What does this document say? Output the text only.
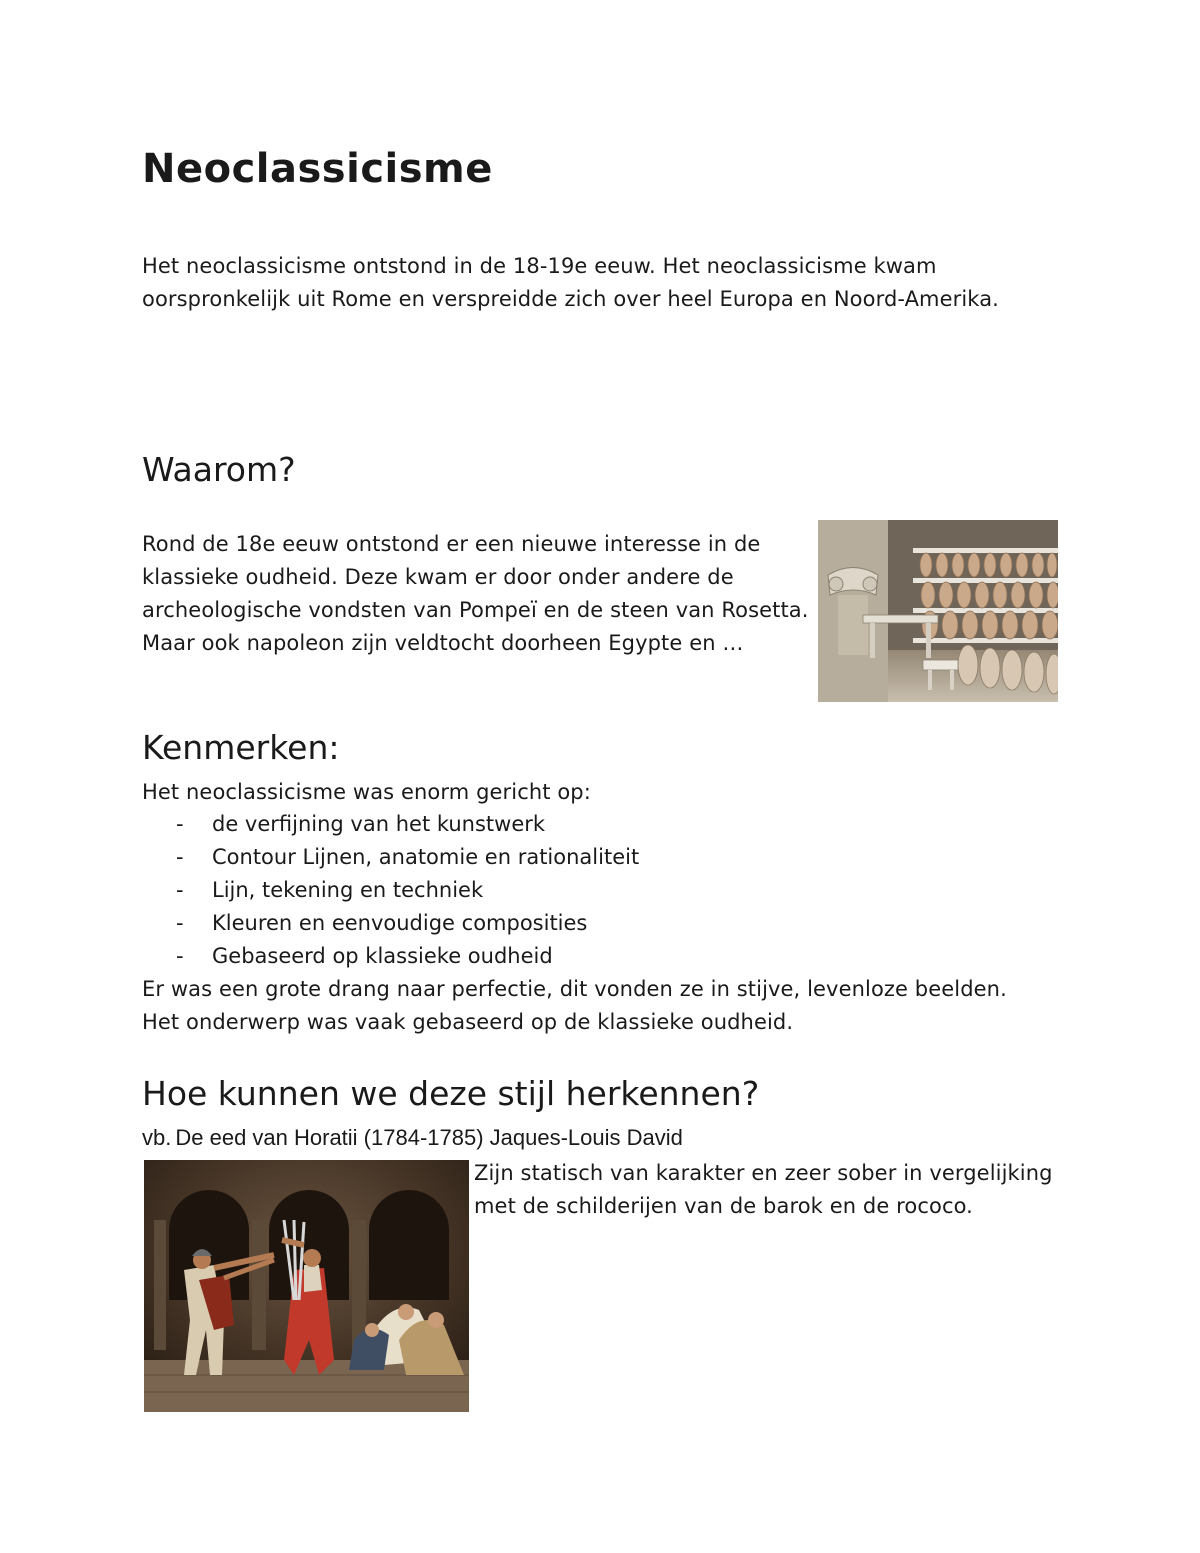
Neoclassicisme

Het neoclassicisme ontstond in de 18-19e eeuw. Het neoclassicisme kwam oorspronkelijk uit Rome en verspreidde zich over heel Europa en Noord-Amerika.

Waarom?

Rond de 18e eeuw ontstond er een nieuwe interesse in de klassieke oudheid. Deze kwam er door onder andere de archeologische vondsten van Pompeï en de steen van Rosetta. Maar ook napoleon zijn veldtocht doorheen Egypte en …

Kenmerken:

Het neoclassicisme was enorm gericht op:

- de verfijning van het kunstwerk
- Contour Lijnen, anatomie en rationaliteit
- Lijn, tekening en techniek
- Kleuren en eenvoudige composities
- Gebaseerd op klassieke oudheid

Er was een grote drang naar perfectie, dit vonden ze in stijve, levenloze beelden. Het onderwerp was vaak gebaseerd op de klassieke oudheid.

Hoe kunnen we deze stijl herkennen?
vb. De eed van Horatii (1784-1785) Jaques-Louis David

Zijn statisch van karakter en zeer sober in vergelijking met de schilderijen van de barok en de rococo.
